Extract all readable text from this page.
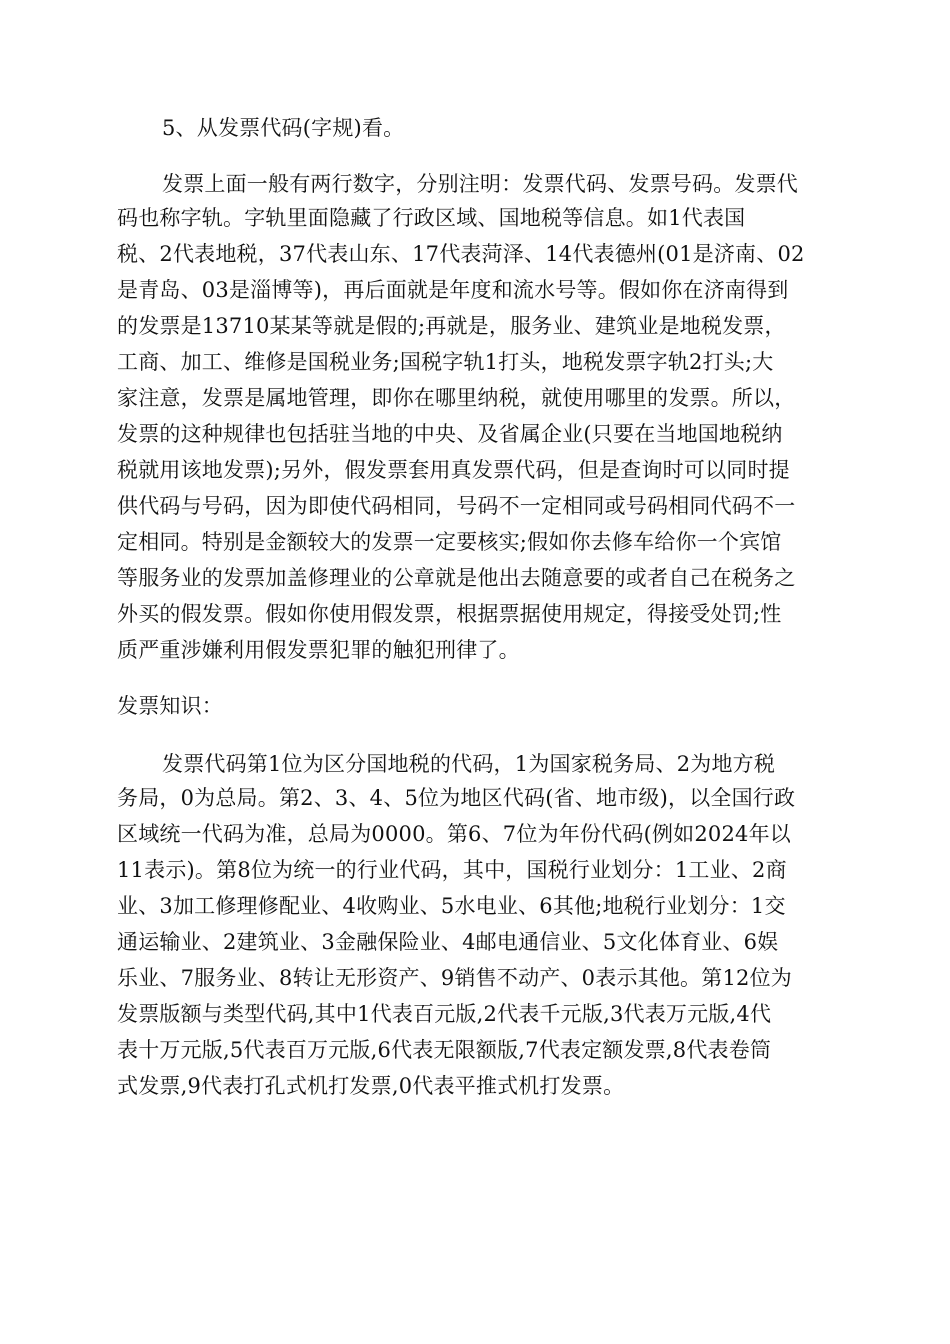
5、从发票代码(字规)看。
发票上面一般有两行数字，分别注明：发票代码、发票号码。发票代
码也称字轨。字轨里面隐藏了行政区域、国地税等信息。如1代表国
税、2代表地税，37代表山东、17代表菏泽、14代表德州(01是济南、02
是青岛、03是淄博等)，再后面就是年度和流水号等。假如你在济南得到
的发票是13710某某等就是假的;再就是，服务业、建筑业是地税发票，
工商、加工、维修是国税业务;国税字轨1打头，地税发票字轨2打头;大
家注意，发票是属地管理，即你在哪里纳税，就使用哪里的发票。所以，
发票的这种规律也包括驻当地的中央、及省属企业(只要在当地国地税纳
税就用该地发票);另外，假发票套用真发票代码，但是查询时可以同时提
供代码与号码，因为即使代码相同，号码不一定相同或号码相同代码不一
定相同。特别是金额较大的发票一定要核实;假如你去修车给你一个宾馆
等服务业的发票加盖修理业的公章就是他出去随意要的或者自己在税务之
外买的假发票。假如你使用假发票，根据票据使用规定，得接受处罚;性
质严重涉嫌利用假发票犯罪的触犯刑律了。
发票知识：
发票代码第1位为区分国地税的代码，1为国家税务局、2为地方税
务局，0为总局。第2、3、4、5位为地区代码(省、地市级)，以全国行政
区域统一代码为准，总局为0000。第6、7位为年份代码(例如2024年以
11表示)。第8位为统一的行业代码，其中，国税行业划分：1工业、2商
业、3加工修理修配业、4收购业、5水电业、6其他;地税行业划分：1交
通运输业、2建筑业、3金融保险业、4邮电通信业、5文化体育业、6娱
乐业、7服务业、8转让无形资产、9销售不动产、0表示其他。第12位为
发票版额与类型代码,其中1代表百元版,2代表千元版,3代表万元版,4代
表十万元版,5代表百万元版,6代表无限额版,7代表定额发票,8代表卷筒
式发票,9代表打孔式机打发票,0代表平推式机打发票。
